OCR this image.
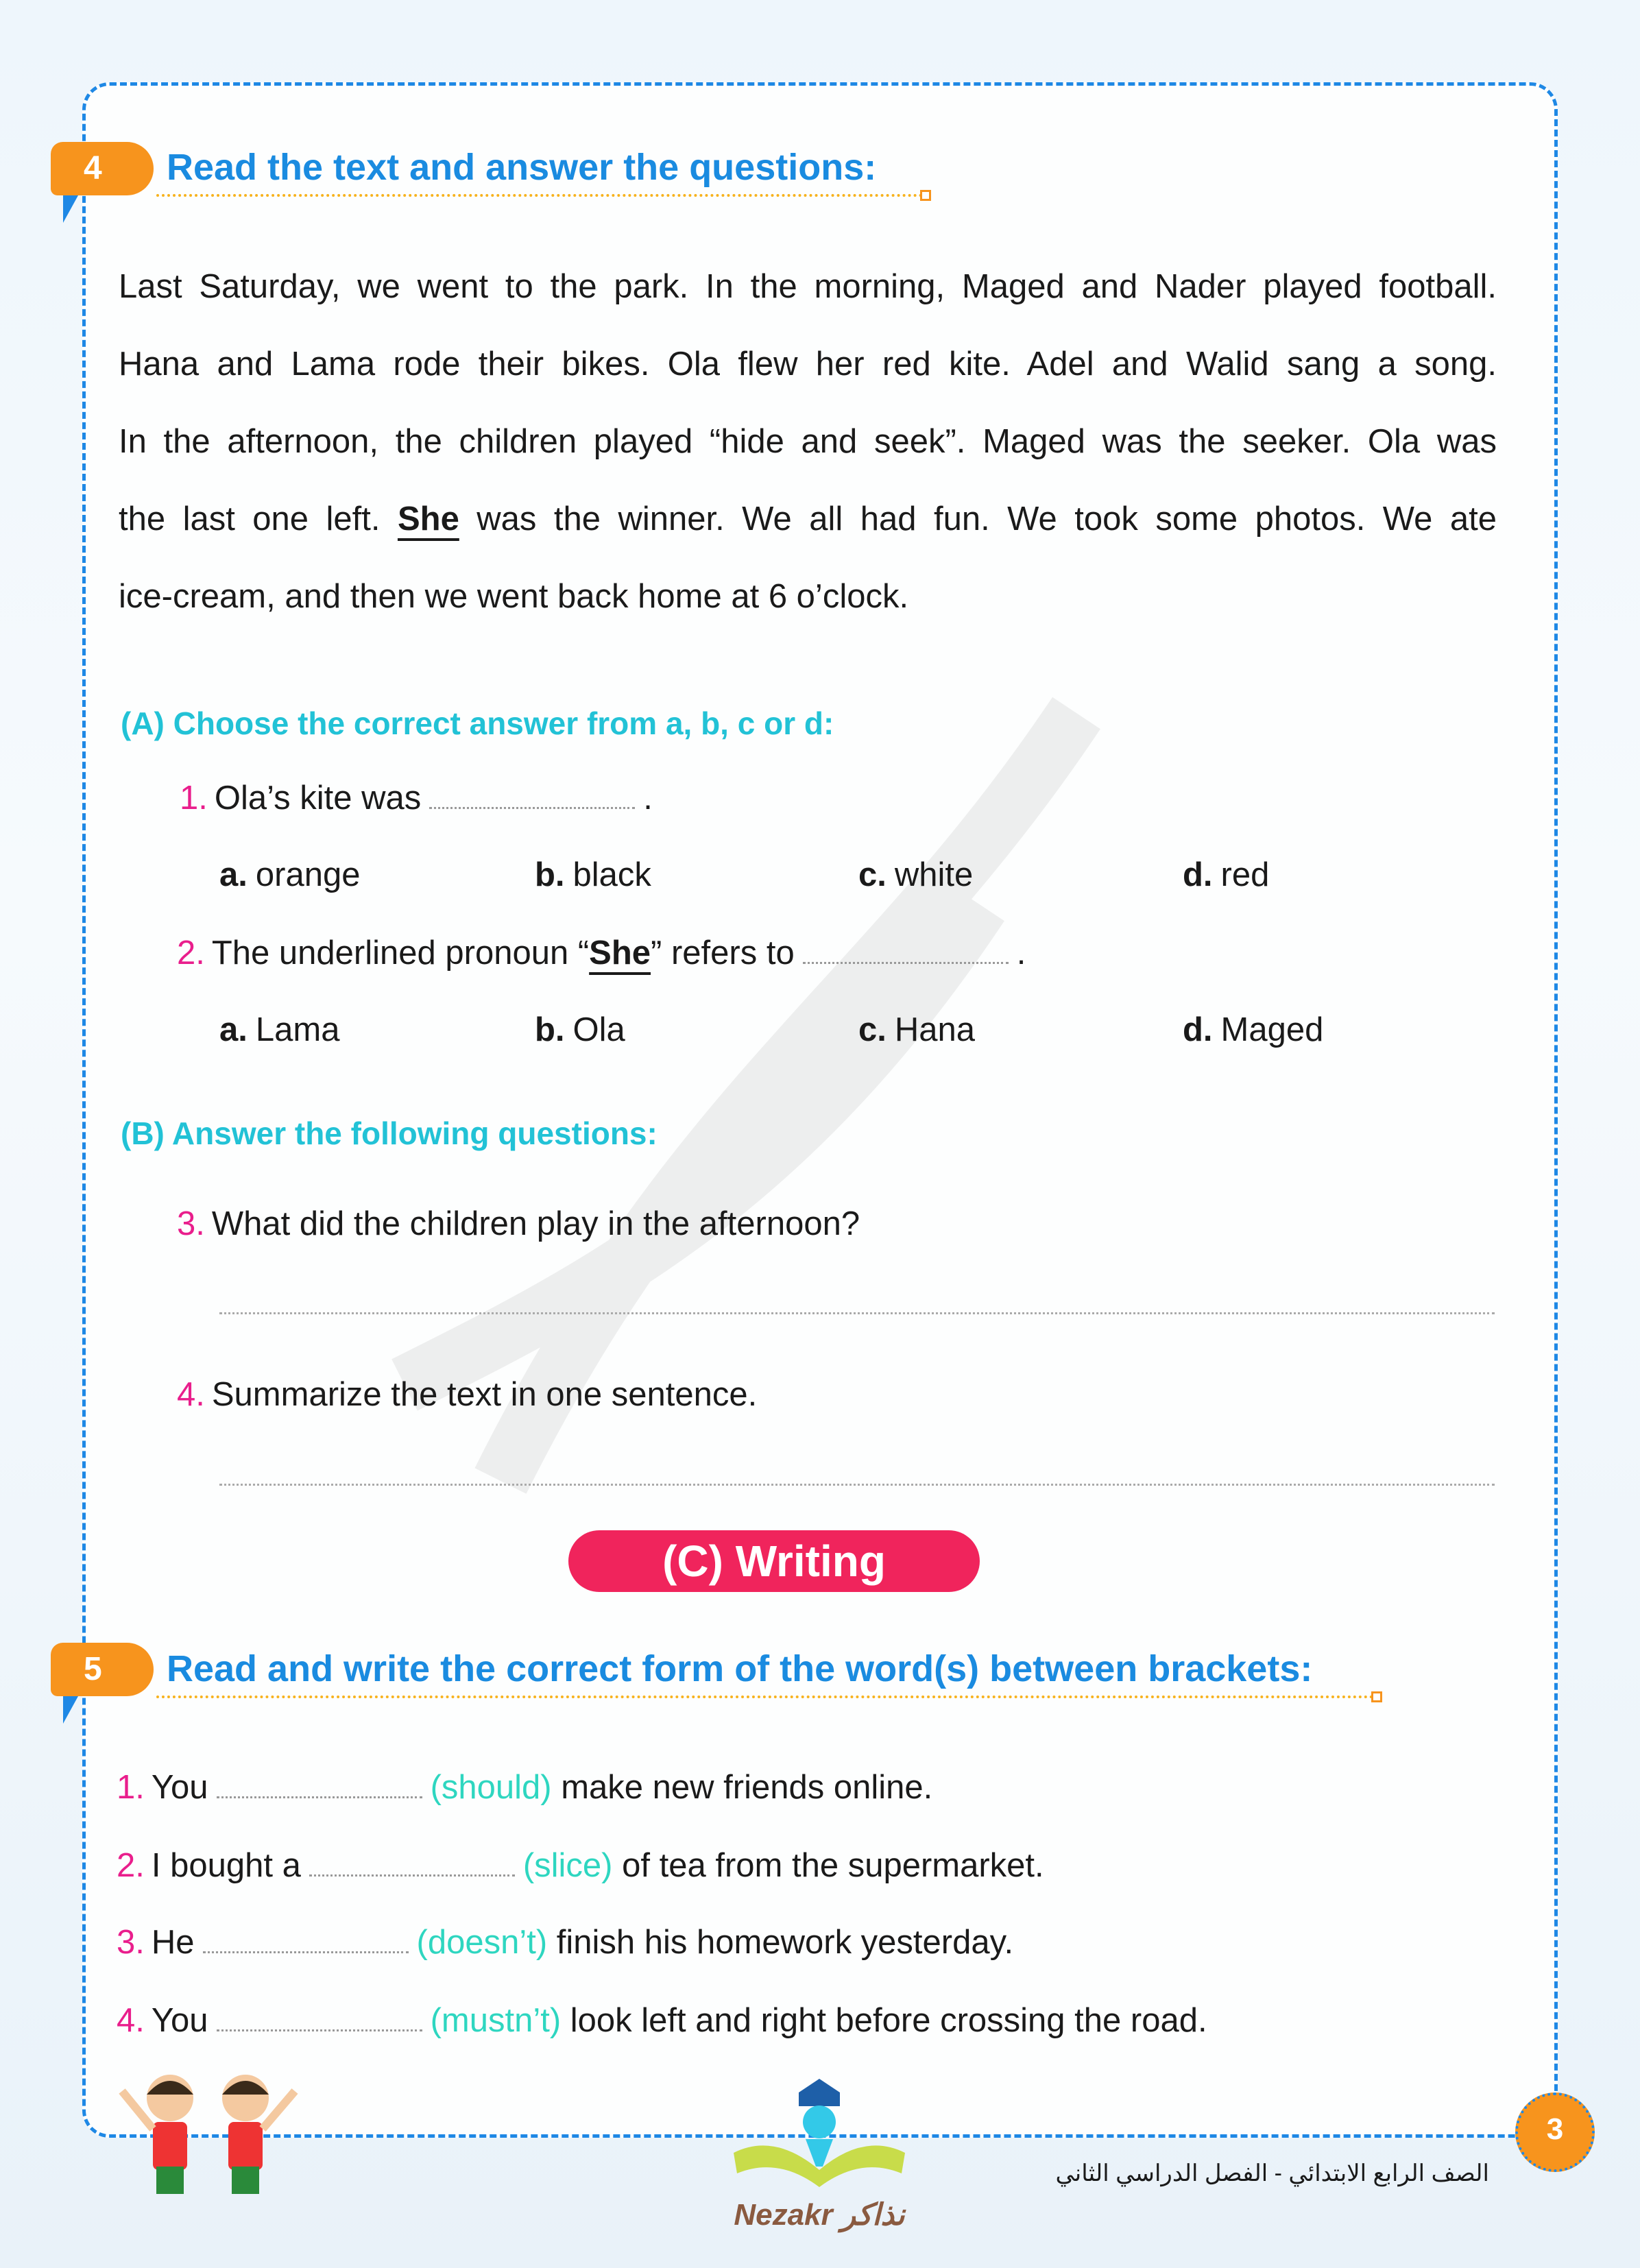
4	Read the text and answer the questions:
Last Saturday, we went to the park. In the morning, Maged and Nader played football.
Hana and Lama rode their bikes. Ola flew her red kite. Adel and Walid sang a song.
In the afternoon, the children played “hide and seek”. Maged was the seeker. Ola was
the last one left. She was the winner. We all had fun. We took some photos. We ate
ice-cream, and then we went back home at 6 o’clock.
(A) Choose the correct answer from a, b, c or d:
1. Ola’s kite was	.
a. orange	b. black	c. white	d. red
2. The underlined pronoun “She” refers to	.
a. Lama	b. Ola	c. Hana	d. Maged
(B) Answer the following questions:
3. What did the children play in the afternoon?
4. Summarize the text in one sentence.
(C) Writing
5	Read and write the correct form of the word(s) between brackets:
1. You	(should) make new friends online.
2. I bought a	(slice) of tea from the supermarket.
3. He	(doesn’t) finish his homework yesterday.
4. You	(mustn’t) look left and right before crossing the road.
Nezakr نذاكر
الصف الرابع الابتدائي - الفصل الدراسي الثاني
3
